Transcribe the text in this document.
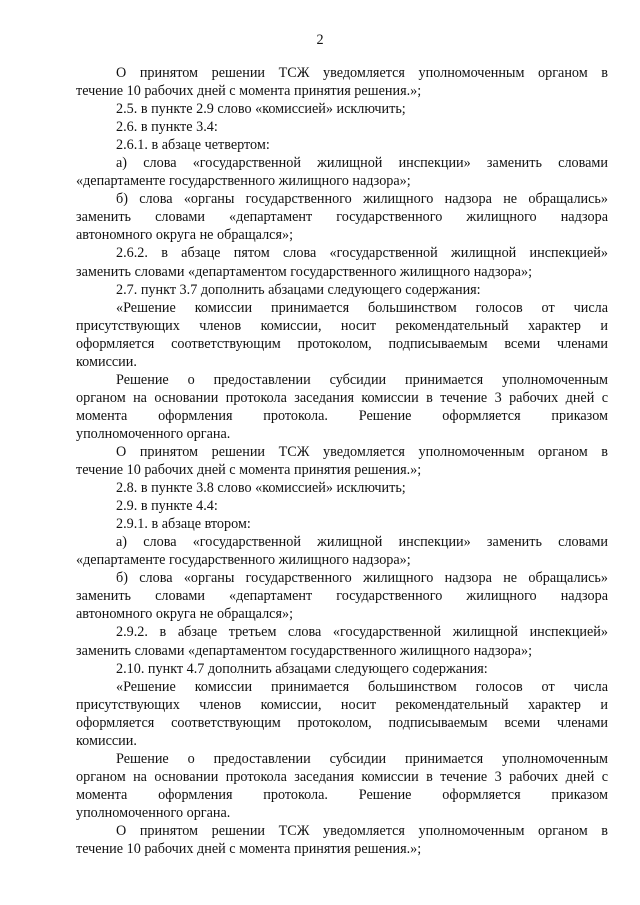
2
О принятом решении ТСЖ уведомляется уполномоченным органом в
течение 10 рабочих дней с момента принятия решения.»;
2.5. в пункте 2.9 слово «комиссией» исключить;
2.6. в пункте 3.4:
2.6.1. в абзаце четвертом:
а) слова «государственной жилищной инспекции» заменить словами
«департаменте государственного жилищного надзора»;
б) слова «органы государственного жилищного надзора не обращались»
заменить словами «департамент государственного жилищного надзора
автономного округа не обращался»;
2.6.2. в абзаце пятом слова «государственной жилищной инспекцией»
заменить словами «департаментом государственного жилищного надзора»;
2.7. пункт 3.7 дополнить абзацами следующего содержания:
«Решение комиссии принимается большинством голосов от числа
присутствующих членов комиссии, носит рекомендательный характер и
оформляется соответствующим протоколом, подписываемым всеми членами
комиссии.
Решение о предоставлении субсидии принимается уполномоченным
органом на основании протокола заседания комиссии в течение 3 рабочих дней с
момента оформления протокола. Решение оформляется приказом
уполномоченного органа.
О принятом решении ТСЖ уведомляется уполномоченным органом в
течение 10 рабочих дней с момента принятия решения.»;
2.8. в пункте 3.8 слово «комиссией» исключить;
2.9. в пункте 4.4:
2.9.1. в абзаце втором:
а) слова «государственной жилищной инспекции» заменить словами
«департаменте государственного жилищного надзора»;
б) слова «органы государственного жилищного надзора не обращались»
заменить словами «департамент государственного жилищного надзора
автономного округа не обращался»;
2.9.2. в абзаце третьем слова «государственной жилищной инспекцией»
заменить словами «департаментом государственного жилищного надзора»;
2.10. пункт 4.7 дополнить абзацами следующего содержания:
«Решение комиссии принимается большинством голосов от числа
присутствующих членов комиссии, носит рекомендательный характер и
оформляется соответствующим протоколом, подписываемым всеми членами
комиссии.
Решение о предоставлении субсидии принимается уполномоченным
органом на основании протокола заседания комиссии в течение 3 рабочих дней с
момента оформления протокола. Решение оформляется приказом
уполномоченного органа.
О принятом решении ТСЖ уведомляется уполномоченным органом в
течение 10 рабочих дней с момента принятия решения.»;
